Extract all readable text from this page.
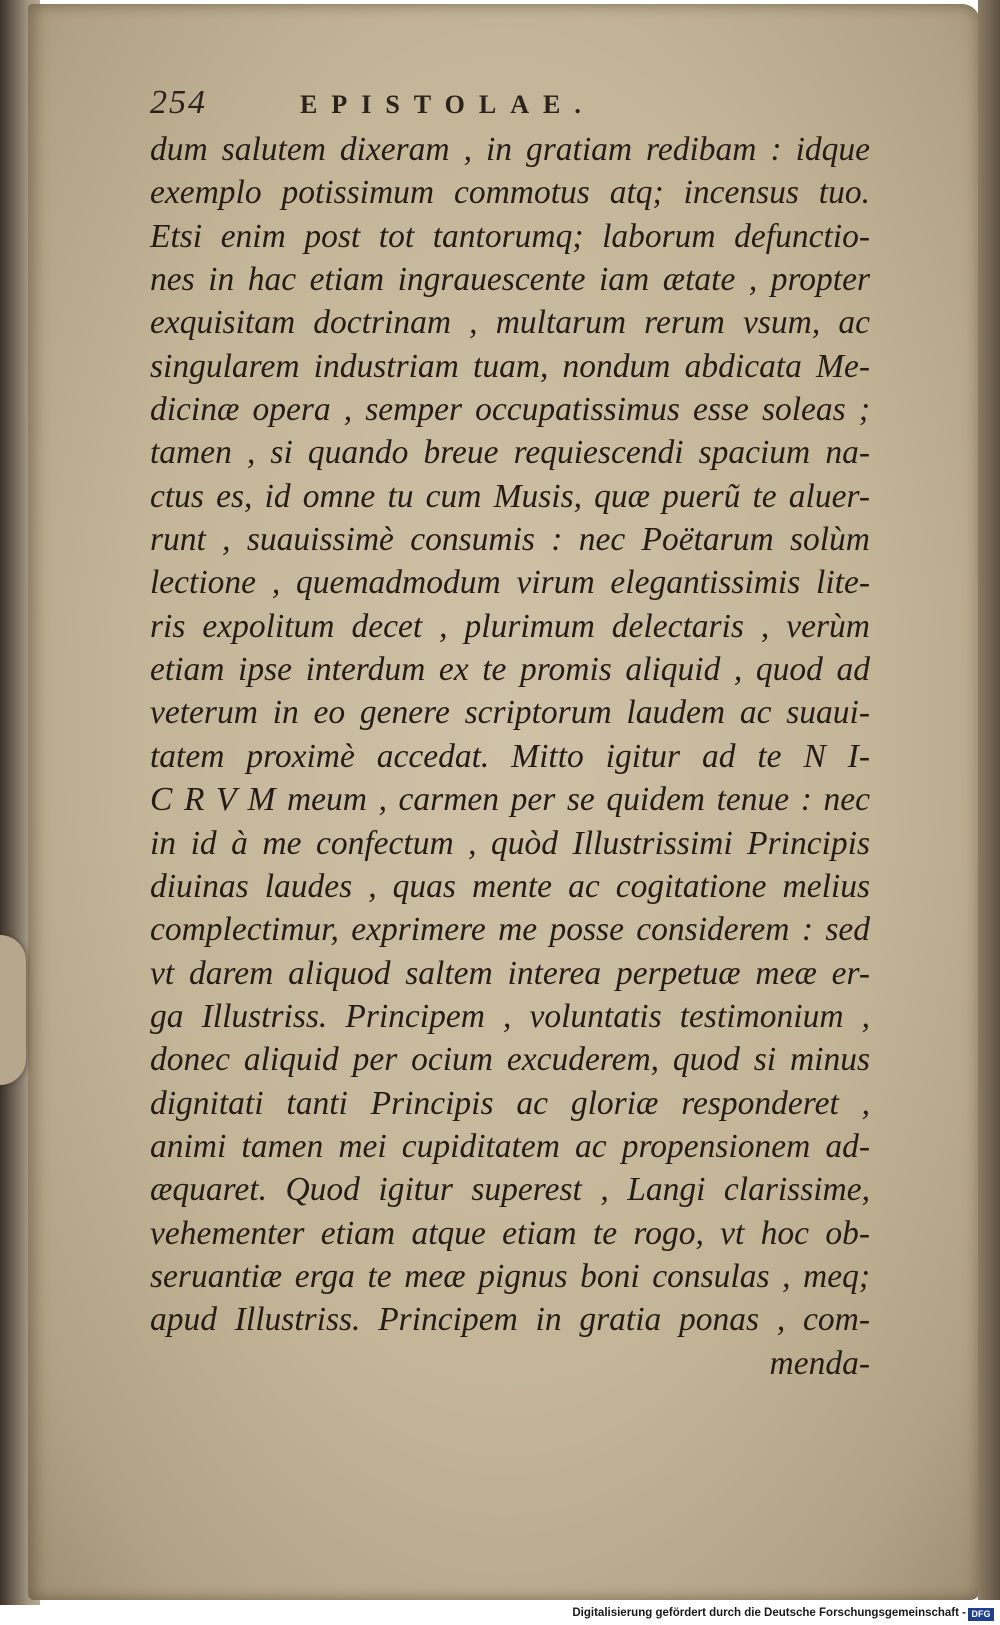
254	EPISTOLAE.
dum salutem dixeram , in gratiam redibam : idque
exemplo potissimum commotus atq; incensus tuo.
Etsi enim post tot tantorumq; laborum defunctio-
nes in hac etiam ingrauescente iam ætate , propter
exquisitam doctrinam , multarum rerum vsum, ac
singularem industriam tuam, nondum abdicata Me-
dicinæ opera , semper occupatissimus esse soleas ;
tamen , si quando breue requiescendi spacium na-
ctus es, id omne tu cum Musis, quæ puerũ te aluer-
runt , suauissimè consumis : nec Poëtarum solùm
lectione , quemadmodum virum elegantissimis lite-
ris expolitum decet , plurimum delectaris , verùm
etiam ipse interdum ex te promis aliquid , quod ad
veterum in eo genere scriptorum laudem ac suaui-
tatem proximè accedat. Mitto igitur ad te N I-
C R V M meum , carmen per se quidem tenue : nec
in id à me confectum , quòd Illustrissimi Principis
diuinas laudes , quas mente ac cogitatione melius
complectimur, exprimere me posse considerem : sed
vt darem aliquod saltem interea perpetuæ meæ er-
ga Illustriss. Principem , voluntatis testimonium ,
donec aliquid per ocium excuderem, quod si minus
dignitati tanti Principis ac gloriæ responderet ,
animi tamen mei cupiditatem ac propensionem ad-
æquaret. Quod igitur superest , Langi clarissime,
vehementer etiam atque etiam te rogo, vt hoc ob-
seruantiæ erga te meæ pignus boni consulas , meq;
apud Illustriss. Principem in gratia ponas , com-
menda-
Digitalisierung gefördert durch die Deutsche Forschungsgemeinschaft - DFG
